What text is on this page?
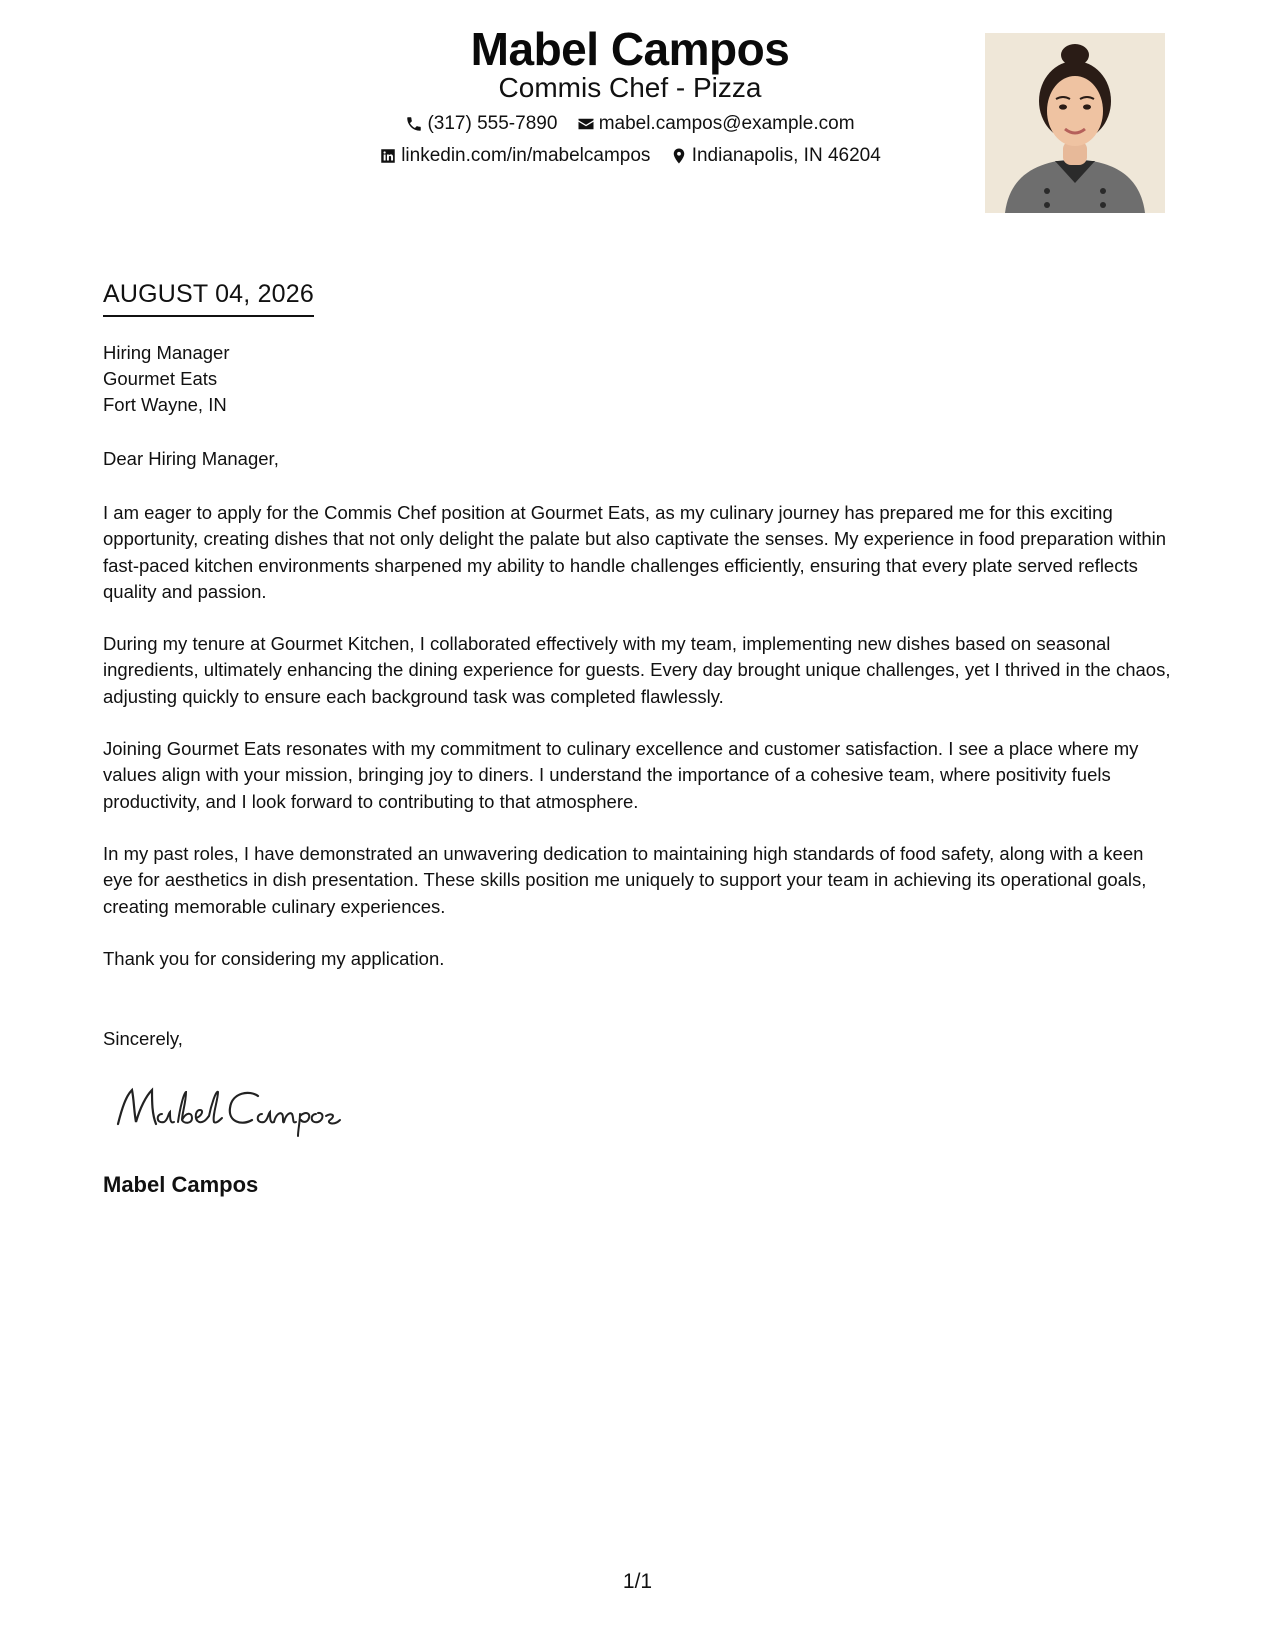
Mabel Campos
Commis Chef - Pizza
(317) 555-7890
mabel.campos@example.com
linkedin.com/in/mabelcampos
Indianapolis, IN 46204
AUGUST 04, 2026
Hiring Manager
Gourmet Eats
Fort Wayne, IN
Dear Hiring Manager,

I am eager to apply for the Commis Chef position at Gourmet Eats, as my culinary journey has prepared me for this exciting opportunity, creating dishes that not only delight the palate but also captivate the senses. My experience in food preparation within fast-paced kitchen environments sharpened my ability to handle challenges efficiently, ensuring that every plate served reflects quality and passion.

During my tenure at Gourmet Kitchen, I collaborated effectively with my team, implementing new dishes based on seasonal ingredients, ultimately enhancing the dining experience for guests. Every day brought unique challenges, yet I thrived in the chaos, adjusting quickly to ensure each background task was completed flawlessly.

Joining Gourmet Eats resonates with my commitment to culinary excellence and customer satisfaction. I see a place where my values align with your mission, bringing joy to diners. I understand the importance of a cohesive team, where positivity fuels productivity, and I look forward to contributing to that atmosphere.

In my past roles, I have demonstrated an unwavering dedication to maintaining high standards of food safety, along with a keen eye for aesthetics in dish presentation. These skills position me uniquely to support your team in achieving its operational goals, creating memorable culinary experiences.

Thank you for considering my application.

Sincerely,
Mabel Campos
1/1
